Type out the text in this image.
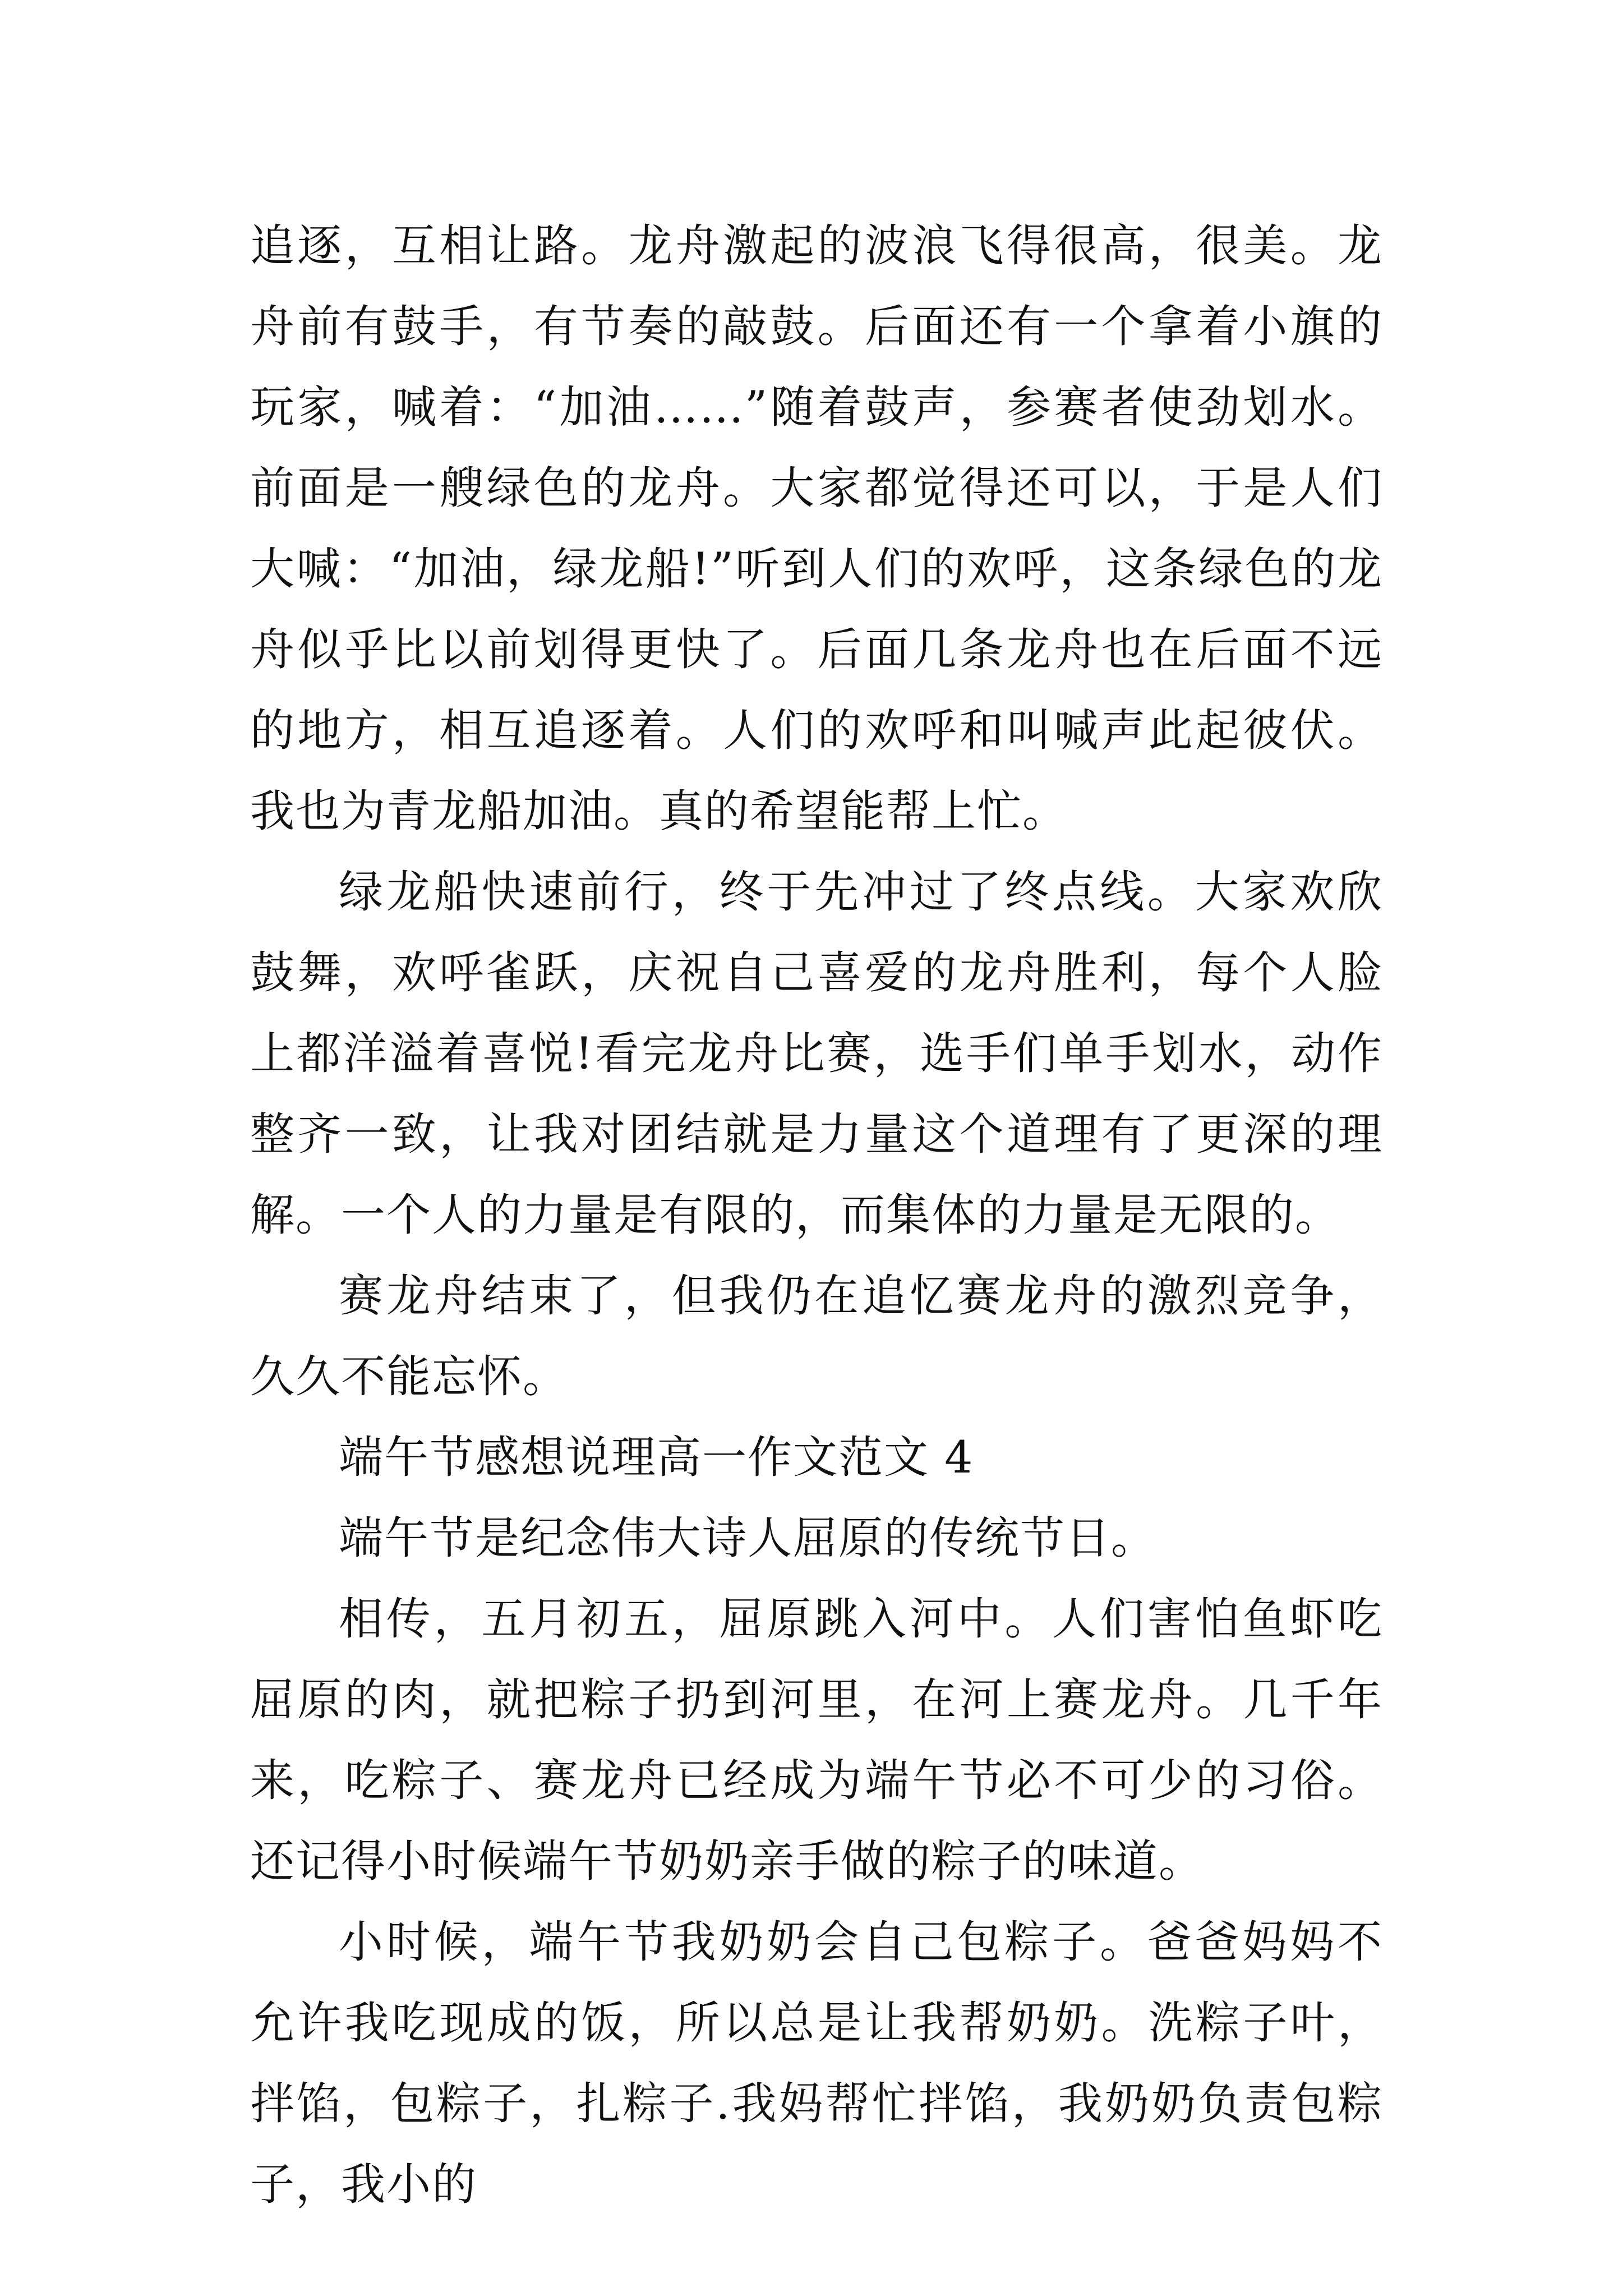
追逐，互相让路。龙舟激起的波浪飞得很高，很美。龙舟前有鼓手，有节奏的敲鼓。后面还有一个拿着小旗的玩家，喊着：“加油……”随着鼓声，参赛者使劲划水。前面是一艘绿色的龙舟。大家都觉得还可以，于是人们大喊：“加油，绿龙船!”听到人们的欢呼，这条绿色的龙舟似乎比以前划得更快了。后面几条龙舟也在后面不远的地方，相互追逐着。人们的欢呼和叫喊声此起彼伏。我也为青龙船加油。真的希望能帮上忙。

绿龙船快速前行，终于先冲过了终点线。大家欢欣鼓舞，欢呼雀跃，庆祝自己喜爱的龙舟胜利，每个人脸上都洋溢着喜悦!看完龙舟比赛，选手们单手划水，动作整齐一致，让我对团结就是力量这个道理有了更深的理解。一个人的力量是有限的，而集体的力量是无限的。

赛龙舟结束了，但我仍在追忆赛龙舟的激烈竞争，久久不能忘怀。

端午节感想说理高一作文范文 4

端午节是纪念伟大诗人屈原的传统节日。

相传，五月初五，屈原跳入河中。人们害怕鱼虾吃屈原的肉，就把粽子扔到河里，在河上赛龙舟。几千年来，吃粽子、赛龙舟已经成为端午节必不可少的习俗。还记得小时候端午节奶奶亲手做的粽子的味道。

小时候，端午节我奶奶会自己包粽子。爸爸妈妈不允许我吃现成的饭，所以总是让我帮奶奶。洗粽子叶，拌馅，包粽子，扎粽子.我妈帮忙拌馅，我奶奶负责包粽子，我小的
